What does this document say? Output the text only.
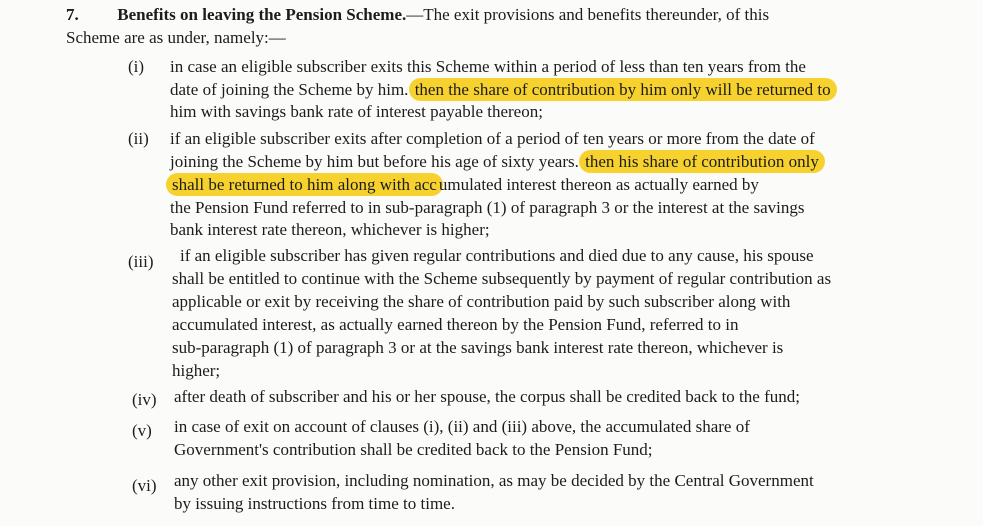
7. Benefits on leaving the Pension Scheme.—The exit provisions and benefits thereunder, of this
Scheme are as under, namely:—
(i) in case an eligible subscriber exits this Scheme within a period of less than ten years from the
date of joining the Scheme by him. then the share of contribution by him only will be returned to
him with savings bank rate of interest payable thereon;
(ii) if an eligible subscriber exits after completion of a period of ten years or more from the date of
joining the Scheme by him but before his age of sixty years. then his share of contribution only
shall be returned to him along with acc umulated interest thereon as actually earned by
the Pension Fund referred to in sub-paragraph (1) of paragraph 3 or the interest at the savings
bank interest rate thereon, whichever is higher;
(iii) if an eligible subscriber has given regular contributions and died due to any cause, his spouse
shall be entitled to continue with the Scheme subsequently by payment of regular contribution as
applicable or exit by receiving the share of contribution paid by such subscriber along with
accumulated interest, as actually earned thereon by the Pension Fund, referred to in
sub-paragraph (1) of paragraph 3 or at the savings bank interest rate thereon, whichever is
higher;
(iv) after death of subscriber and his or her spouse, the corpus shall be credited back to the fund;
(v) in case of exit on account of clauses (i), (ii) and (iii) above, the accumulated share of
Government's contribution shall be credited back to the Pension Fund;
(vi) any other exit provision, including nomination, as may be decided by the Central Government
by issuing instructions from time to time.
